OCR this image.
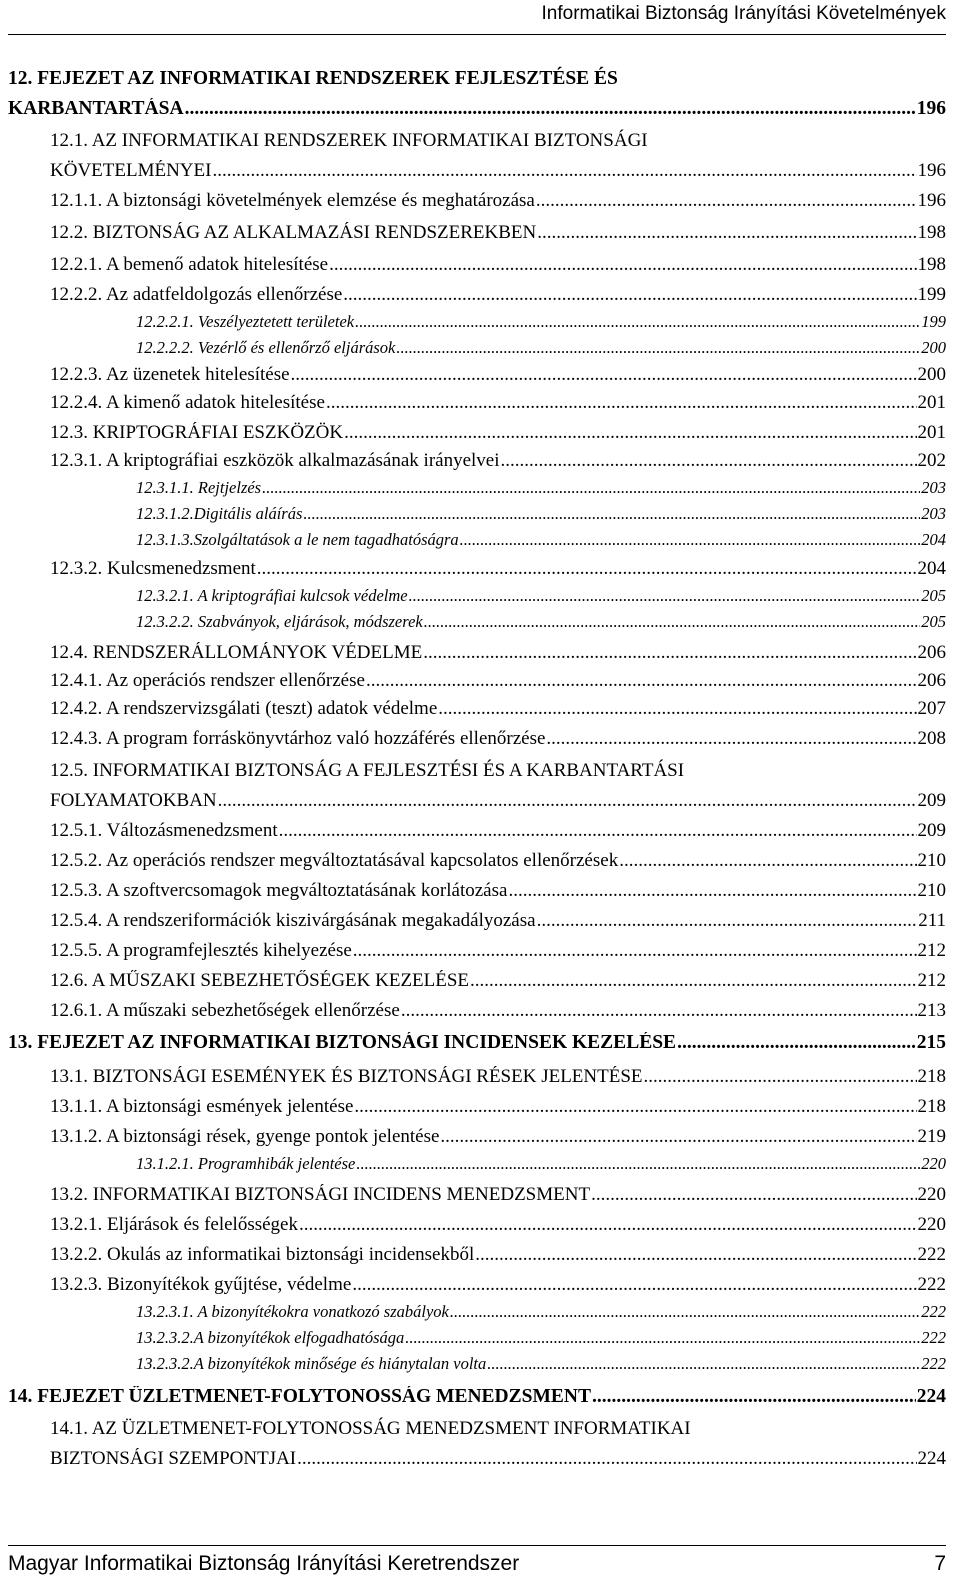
Informatikai Biztonság Irányítási Követelmények
12. FEJEZET AZ INFORMATIKAI RENDSZEREK FEJLESZTÉSE ÉS
KARBANTARTÁSA .....	196
12.1. AZ INFORMATIKAI RENDSZEREK INFORMATIKAI BIZTONSÁGI
KÖVETELMÉNYEI .....	196
12.1.1. A biztonsági követelmények elemzése és meghatározása .....	196
12.2. BIZTONSÁG AZ ALKALMAZÁSI RENDSZEREKBEN .....	198
12.2.1. A bemenő adatok hitelesítése .....	198
12.2.2. Az adatfeldolgozás ellenőrzése .....	199
12.2.2.1. Veszélyeztetett területek .....	199
12.2.2.2. Vezérlő és ellenőrző eljárások .....	200
12.2.3. Az üzenetek hitelesítése .....	200
12.2.4. A kimenő adatok hitelesítése .....	201
12.3. KRIPTOGRÁFIAI ESZKÖZÖK .....	201
12.3.1. A kriptográfiai eszközök alkalmazásának irányelvei .....	202
12.3.1.1. Rejtjelzés .....	203
12.3.1.2.Digitális aláírás .....	203
12.3.1.3.Szolgáltatások a le nem tagadhatóságra .....	204
12.3.2. Kulcsmenedzsment .....	204
12.3.2.1. A kriptográfiai kulcsok védelme .....	205
12.3.2.2. Szabványok, eljárások, módszerek .....	205
12.4. RENDSZERÁLLOMÁNYOK VÉDELME .....	206
12.4.1. Az operációs rendszer ellenőrzése .....	206
12.4.2. A rendszervizsgálati (teszt) adatok védelme .....	207
12.4.3. A program forráskönyvtárhoz való hozzáférés ellenőrzése .....	208
12.5. INFORMATIKAI BIZTONSÁG A FEJLESZTÉSI ÉS A KARBANTARTÁSI
FOLYAMATOKBAN .....	209
12.5.1. Változásmenedzsment .....	209
12.5.2. Az operációs rendszer megváltoztatásával kapcsolatos ellenőrzések .....	210
12.5.3. A szoftvercsomagok megváltoztatásának korlátozása .....	210
12.5.4. A rendszeriformációk kiszivárgásának megakadályozása .....	211
12.5.5. A programfejlesztés kihelyezése .....	212
12.6. A MŰSZAKI SEBEZHETŐSÉGEK KEZELÉSE .....	212
12.6.1. A műszaki sebezhetőségek ellenőrzése .....	213
13. FEJEZET AZ INFORMATIKAI BIZTONSÁGI INCIDENSEK KEZELÉSE .....	215
13.1. BIZTONSÁGI ESEMÉNYEK ÉS BIZTONSÁGI RÉSEK JELENTÉSE .....	218
13.1.1. A biztonsági esmények jelentése .....	218
13.1.2. A biztonsági rések, gyenge pontok jelentése .....	219
13.1.2.1. Programhibák jelentése .....	220
13.2. INFORMATIKAI BIZTONSÁGI INCIDENS MENEDZSMENT .....	220
13.2.1. Eljárások és felelősségek .....	220
13.2.2. Okulás az informatikai biztonsági incidensekből .....	222
13.2.3. Bizonyítékok gyűjtése, védelme .....	222
13.2.3.1. A bizonyítékokra vonatkozó szabályok .....	222
13.2.3.2.A bizonyítékok elfogadhatósága .....	222
13.2.3.2.A bizonyítékok minősége és hiánytalan volta .....	222
14. FEJEZET ÜZLETMENET-FOLYTONOSSÁG MENEDZSMENT .....	224
14.1. AZ ÜZLETMENET-FOLYTONOSSÁG MENEDZSMENT INFORMATIKAI
BIZTONSÁGI SZEMPONTJAI .....	224
Magyar Informatikai Biztonság Irányítási Keretrendszer	7
